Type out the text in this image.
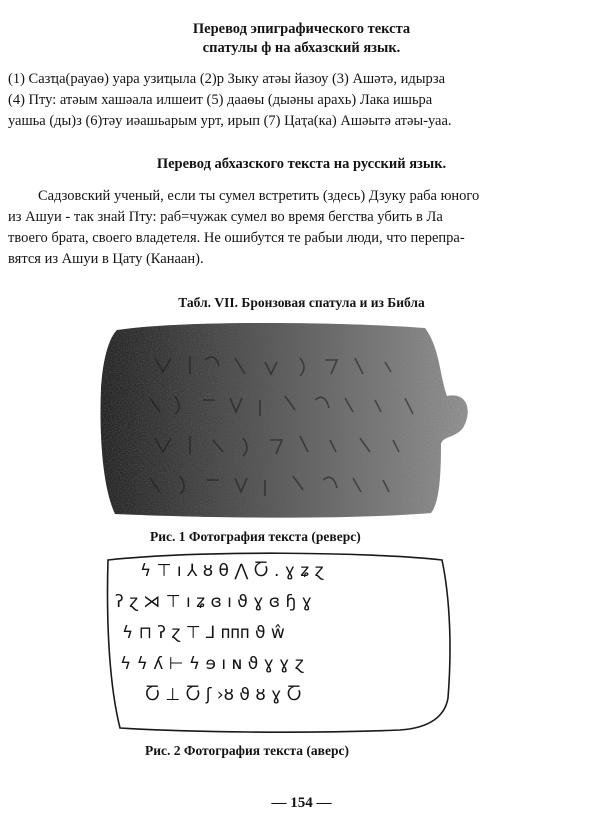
Перевод эпиграфического текста
спатулы ф на абхазский язык.
(1) Сазҵа(рауаѳ) уара узиҵыла (2)р Зыку атәы йазоу (3) Ашәтә, идырза
(4) Пту: атәым хашәала илшеит (5) дааѳы (дыәны арахь) Лака ишьра
уашьа (ды)з (6)тәу иәашьарым урт, ирып (7) Цаҭа(ка) Ашәытә атәы-уаа.
Перевод абхазского текста на русский язык.
Садзовский ученый, если ты сумел встретить (здесь) Дзуку раба юного
из Ашуи - так знай Пту: раб=чужак сумел во время бегства убить в Ла
твоего брата, своего владетеля. Не ошибутся те рабыи люди, что перепра-
вятся из Ашуи в Цату (Канаан).
Табл. VII. Бронзовая спатула и из Библа
Рис. 1 Фотография текста (реверс)
ϟ ⊤ ı ⅄ ȣ θ ⋀ Ⴀ . ɣ ʑ ɀ
ʔ ɀ ⋊ ⊤ ı ʑ ɞ ı ϑ ɣ ɞ ɧ ɣ
ϟ ⊓ ʔ ɀ ⊤ ⅃ ᴨᴨᴨ ϑ ŵ
ϟ ϟ ʎ ⊢ ϟ ɘ ı ɴ ϑ ɣ ɣ ɀ
Ⴀ ⊥ Ⴀ ʃ ›ȣ ϑ ȣ ɣ Ⴀ
Рис. 2 Фотография текста (аверс)
— 154 —
